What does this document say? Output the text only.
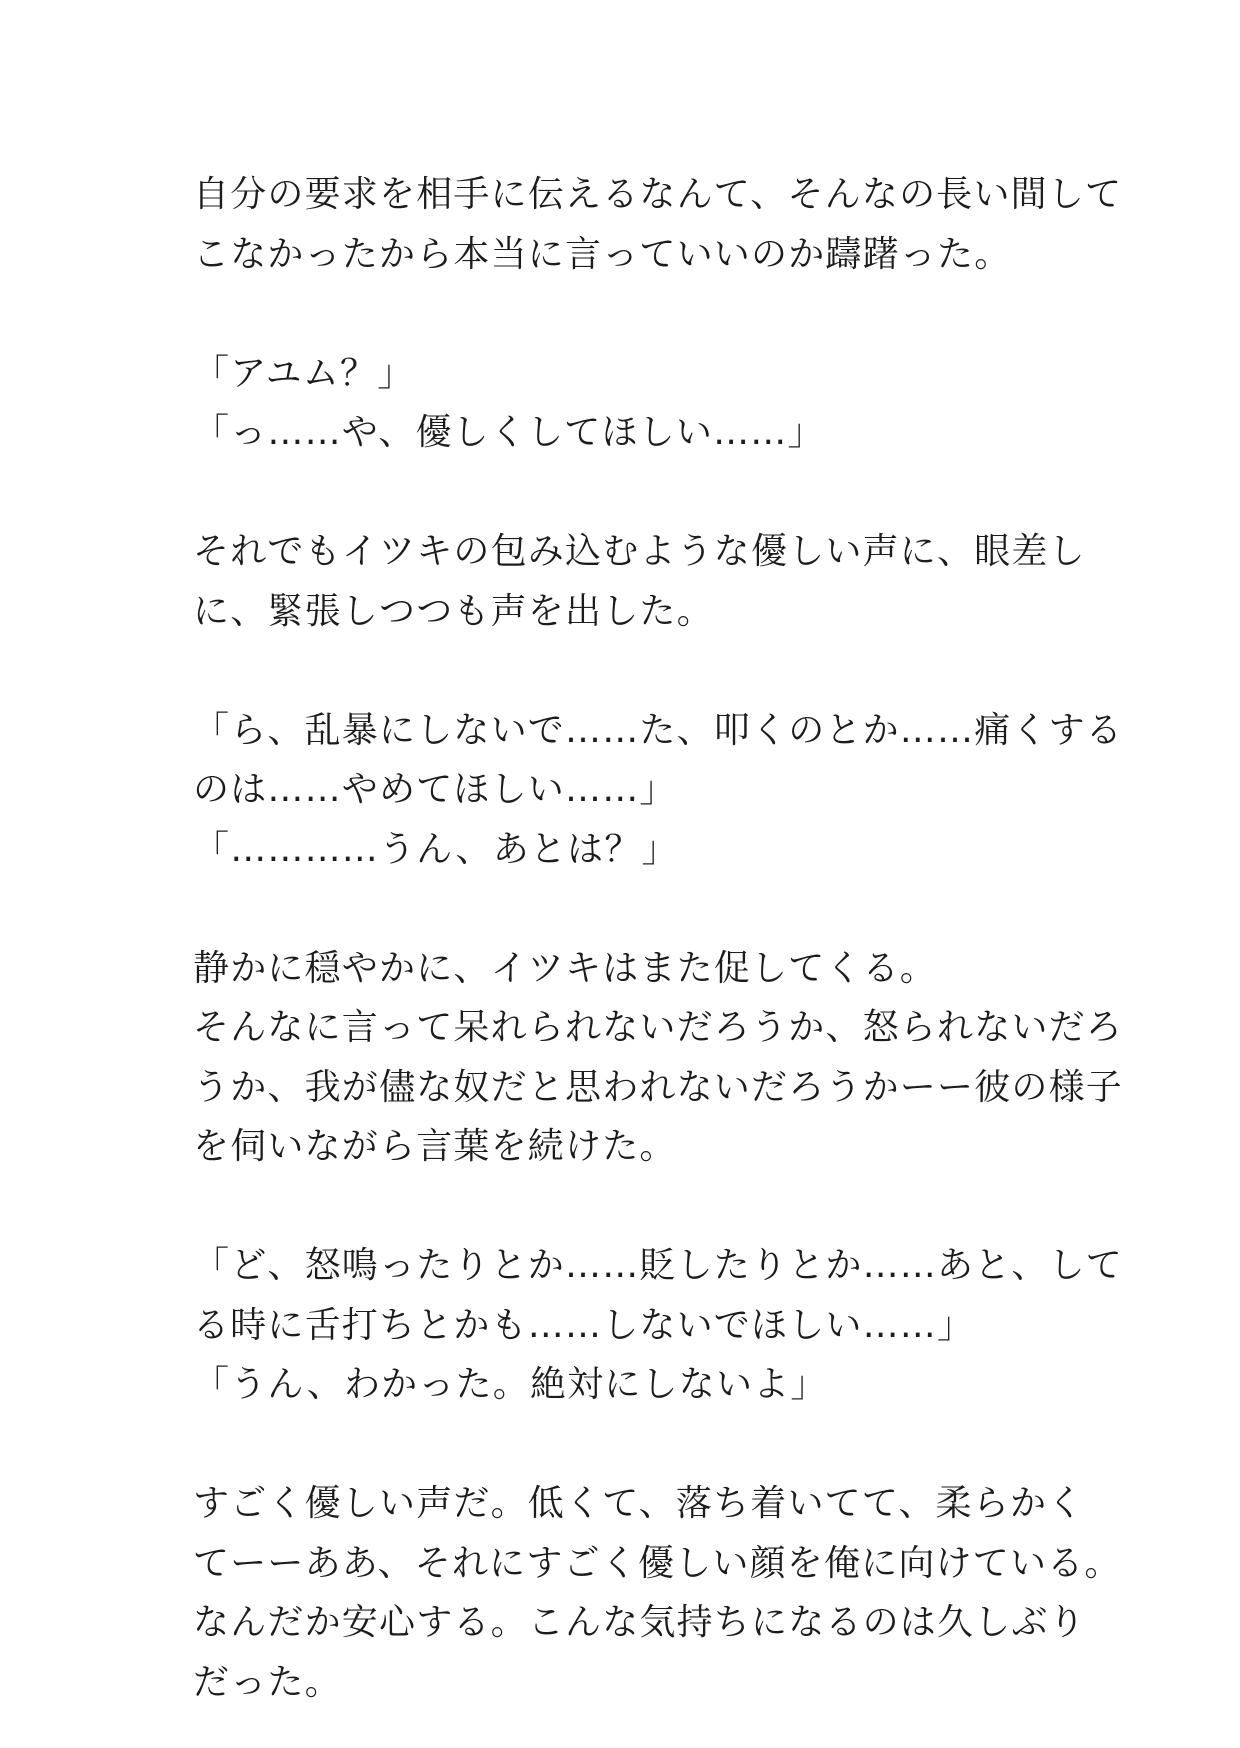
自分の要求を相手に伝えるなんて、そんなの長い間して
こなかったから本当に言っていいのか躊躇った。
「アユム？」
「っ……や、優しくしてほしい……」
それでもイツキの包み込むような優しい声に、眼差し
に、緊張しつつも声を出した。
「ら、乱暴にしないで……た、叩くのとか……痛くする
のは……やめてほしい……」
「…………うん、あとは？」
静かに穏やかに、イツキはまた促してくる。
そんなに言って呆れられないだろうか、怒られないだろ
うか、我が儘な奴だと思われないだろうかーー彼の様子
を伺いながら言葉を続けた。
「ど、怒鳴ったりとか……貶したりとか……あと、して
る時に舌打ちとかも……しないでほしい……」
「うん、わかった。絶対にしないよ」
すごく優しい声だ。低くて、落ち着いてて、柔らかく
てーーああ、それにすごく優しい顔を俺に向けている。
なんだか安心する。こんな気持ちになるのは久しぶり
だった。
